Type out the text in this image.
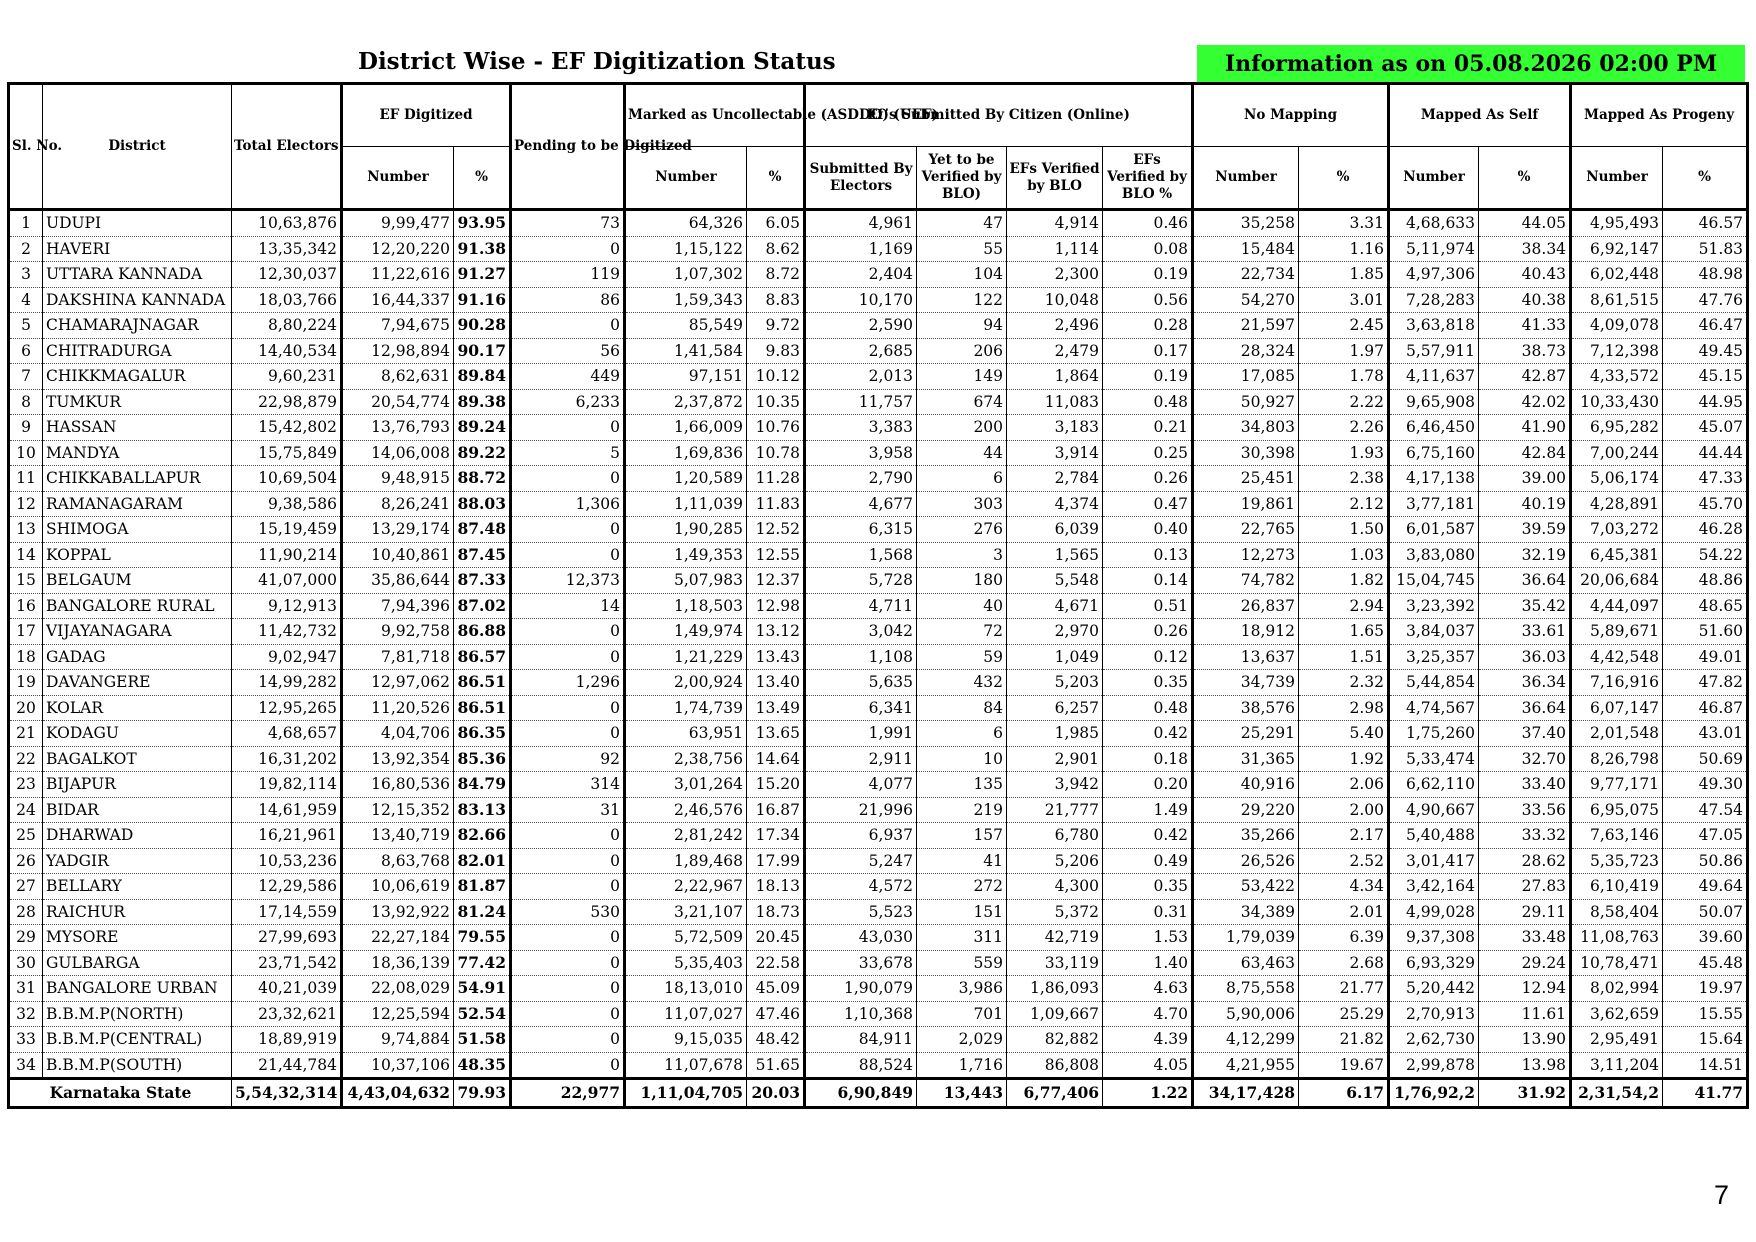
District Wise - EF Digitization Status	Information as on 05.08.2026 02:00 PM
Sl. No.	District	Total Electors	EF Digitized		Pending to be Digitized	Marked as Uncollectable (ASDDO) (UEF)		Ef’s Submitted By Citizen (Online)				No Mapping		Mapped As Self		Mapped As Progeny	
			Number	%		Number	%	Submitted By Electors	Yet to be Verified by BLO)	EFs Verified by BLO	EFs Verified by BLO %	Number	%	Number	%	Number	%
1	UDUPI	10,63,876	9,99,477	93.95	73	64,326	6.05	4,961	47	4,914	0.46	35,258	3.31	4,68,633	44.05	4,95,493	46.57
2	HAVERI	13,35,342	12,20,220	91.38	0	1,15,122	8.62	1,169	55	1,114	0.08	15,484	1.16	5,11,974	38.34	6,92,147	51.83
3	UTTARA KANNADA	12,30,037	11,22,616	91.27	119	1,07,302	8.72	2,404	104	2,300	0.19	22,734	1.85	4,97,306	40.43	6,02,448	48.98
4	DAKSHINA KANNADA	18,03,766	16,44,337	91.16	86	1,59,343	8.83	10,170	122	10,048	0.56	54,270	3.01	7,28,283	40.38	8,61,515	47.76
5	CHAMARAJNAGAR	8,80,224	7,94,675	90.28	0	85,549	9.72	2,590	94	2,496	0.28	21,597	2.45	3,63,818	41.33	4,09,078	46.47
6	CHITRADURGA	14,40,534	12,98,894	90.17	56	1,41,584	9.83	2,685	206	2,479	0.17	28,324	1.97	5,57,911	38.73	7,12,398	49.45
7	CHIKKMAGALUR	9,60,231	8,62,631	89.84	449	97,151	10.12	2,013	149	1,864	0.19	17,085	1.78	4,11,637	42.87	4,33,572	45.15
8	TUMKUR	22,98,879	20,54,774	89.38	6,233	2,37,872	10.35	11,757	674	11,083	0.48	50,927	2.22	9,65,908	42.02	10,33,430	44.95
9	HASSAN	15,42,802	13,76,793	89.24	0	1,66,009	10.76	3,383	200	3,183	0.21	34,803	2.26	6,46,450	41.90	6,95,282	45.07
10	MANDYA	15,75,849	14,06,008	89.22	5	1,69,836	10.78	3,958	44	3,914	0.25	30,398	1.93	6,75,160	42.84	7,00,244	44.44
11	CHIKKABALLAPUR	10,69,504	9,48,915	88.72	0	1,20,589	11.28	2,790	6	2,784	0.26	25,451	2.38	4,17,138	39.00	5,06,174	47.33
12	RAMANAGARAM	9,38,586	8,26,241	88.03	1,306	1,11,039	11.83	4,677	303	4,374	0.47	19,861	2.12	3,77,181	40.19	4,28,891	45.70
13	SHIMOGA	15,19,459	13,29,174	87.48	0	1,90,285	12.52	6,315	276	6,039	0.40	22,765	1.50	6,01,587	39.59	7,03,272	46.28
14	KOPPAL	11,90,214	10,40,861	87.45	0	1,49,353	12.55	1,568	3	1,565	0.13	12,273	1.03	3,83,080	32.19	6,45,381	54.22
15	BELGAUM	41,07,000	35,86,644	87.33	12,373	5,07,983	12.37	5,728	180	5,548	0.14	74,782	1.82	15,04,745	36.64	20,06,684	48.86
16	BANGALORE RURAL	9,12,913	7,94,396	87.02	14	1,18,503	12.98	4,711	40	4,671	0.51	26,837	2.94	3,23,392	35.42	4,44,097	48.65
17	VIJAYANAGARA	11,42,732	9,92,758	86.88	0	1,49,974	13.12	3,042	72	2,970	0.26	18,912	1.65	3,84,037	33.61	5,89,671	51.60
18	GADAG	9,02,947	7,81,718	86.57	0	1,21,229	13.43	1,108	59	1,049	0.12	13,637	1.51	3,25,357	36.03	4,42,548	49.01
19	DAVANGERE	14,99,282	12,97,062	86.51	1,296	2,00,924	13.40	5,635	432	5,203	0.35	34,739	2.32	5,44,854	36.34	7,16,916	47.82
20	KOLAR	12,95,265	11,20,526	86.51	0	1,74,739	13.49	6,341	84	6,257	0.48	38,576	2.98	4,74,567	36.64	6,07,147	46.87
21	KODAGU	4,68,657	4,04,706	86.35	0	63,951	13.65	1,991	6	1,985	0.42	25,291	5.40	1,75,260	37.40	2,01,548	43.01
22	BAGALKOT	16,31,202	13,92,354	85.36	92	2,38,756	14.64	2,911	10	2,901	0.18	31,365	1.92	5,33,474	32.70	8,26,798	50.69
23	BIJAPUR	19,82,114	16,80,536	84.79	314	3,01,264	15.20	4,077	135	3,942	0.20	40,916	2.06	6,62,110	33.40	9,77,171	49.30
24	BIDAR	14,61,959	12,15,352	83.13	31	2,46,576	16.87	21,996	219	21,777	1.49	29,220	2.00	4,90,667	33.56	6,95,075	47.54
25	DHARWAD	16,21,961	13,40,719	82.66	0	2,81,242	17.34	6,937	157	6,780	0.42	35,266	2.17	5,40,488	33.32	7,63,146	47.05
26	YADGIR	10,53,236	8,63,768	82.01	0	1,89,468	17.99	5,247	41	5,206	0.49	26,526	2.52	3,01,417	28.62	5,35,723	50.86
27	BELLARY	12,29,586	10,06,619	81.87	0	2,22,967	18.13	4,572	272	4,300	0.35	53,422	4.34	3,42,164	27.83	6,10,419	49.64
28	RAICHUR	17,14,559	13,92,922	81.24	530	3,21,107	18.73	5,523	151	5,372	0.31	34,389	2.01	4,99,028	29.11	8,58,404	50.07
29	MYSORE	27,99,693	22,27,184	79.55	0	5,72,509	20.45	43,030	311	42,719	1.53	1,79,039	6.39	9,37,308	33.48	11,08,763	39.60
30	GULBARGA	23,71,542	18,36,139	77.42	0	5,35,403	22.58	33,678	559	33,119	1.40	63,463	2.68	6,93,329	29.24	10,78,471	45.48
31	BANGALORE URBAN	40,21,039	22,08,029	54.91	0	18,13,010	45.09	1,90,079	3,986	1,86,093	4.63	8,75,558	21.77	5,20,442	12.94	8,02,994	19.97
32	B.B.M.P(NORTH)	23,32,621	12,25,594	52.54	0	11,07,027	47.46	1,10,368	701	1,09,667	4.70	5,90,006	25.29	2,70,913	11.61	3,62,659	15.55
33	B.B.M.P(CENTRAL)	18,89,919	9,74,884	51.58	0	9,15,035	48.42	84,911	2,029	82,882	4.39	4,12,299	21.82	2,62,730	13.90	2,95,491	15.64
34	B.B.M.P(SOUTH)	21,44,784	10,37,106	48.35	0	11,07,678	51.65	88,524	1,716	86,808	4.05	4,21,955	19.67	2,99,878	13.98	3,11,204	14.51
Karnataka State		5,54,32,314	4,43,04,632	79.93	22,977	1,11,04,705	20.03	6,90,849	13,443	6,77,406	1.22	34,17,428	6.17	1,76,92,2	31.92	2,31,54,2	41.77
7
